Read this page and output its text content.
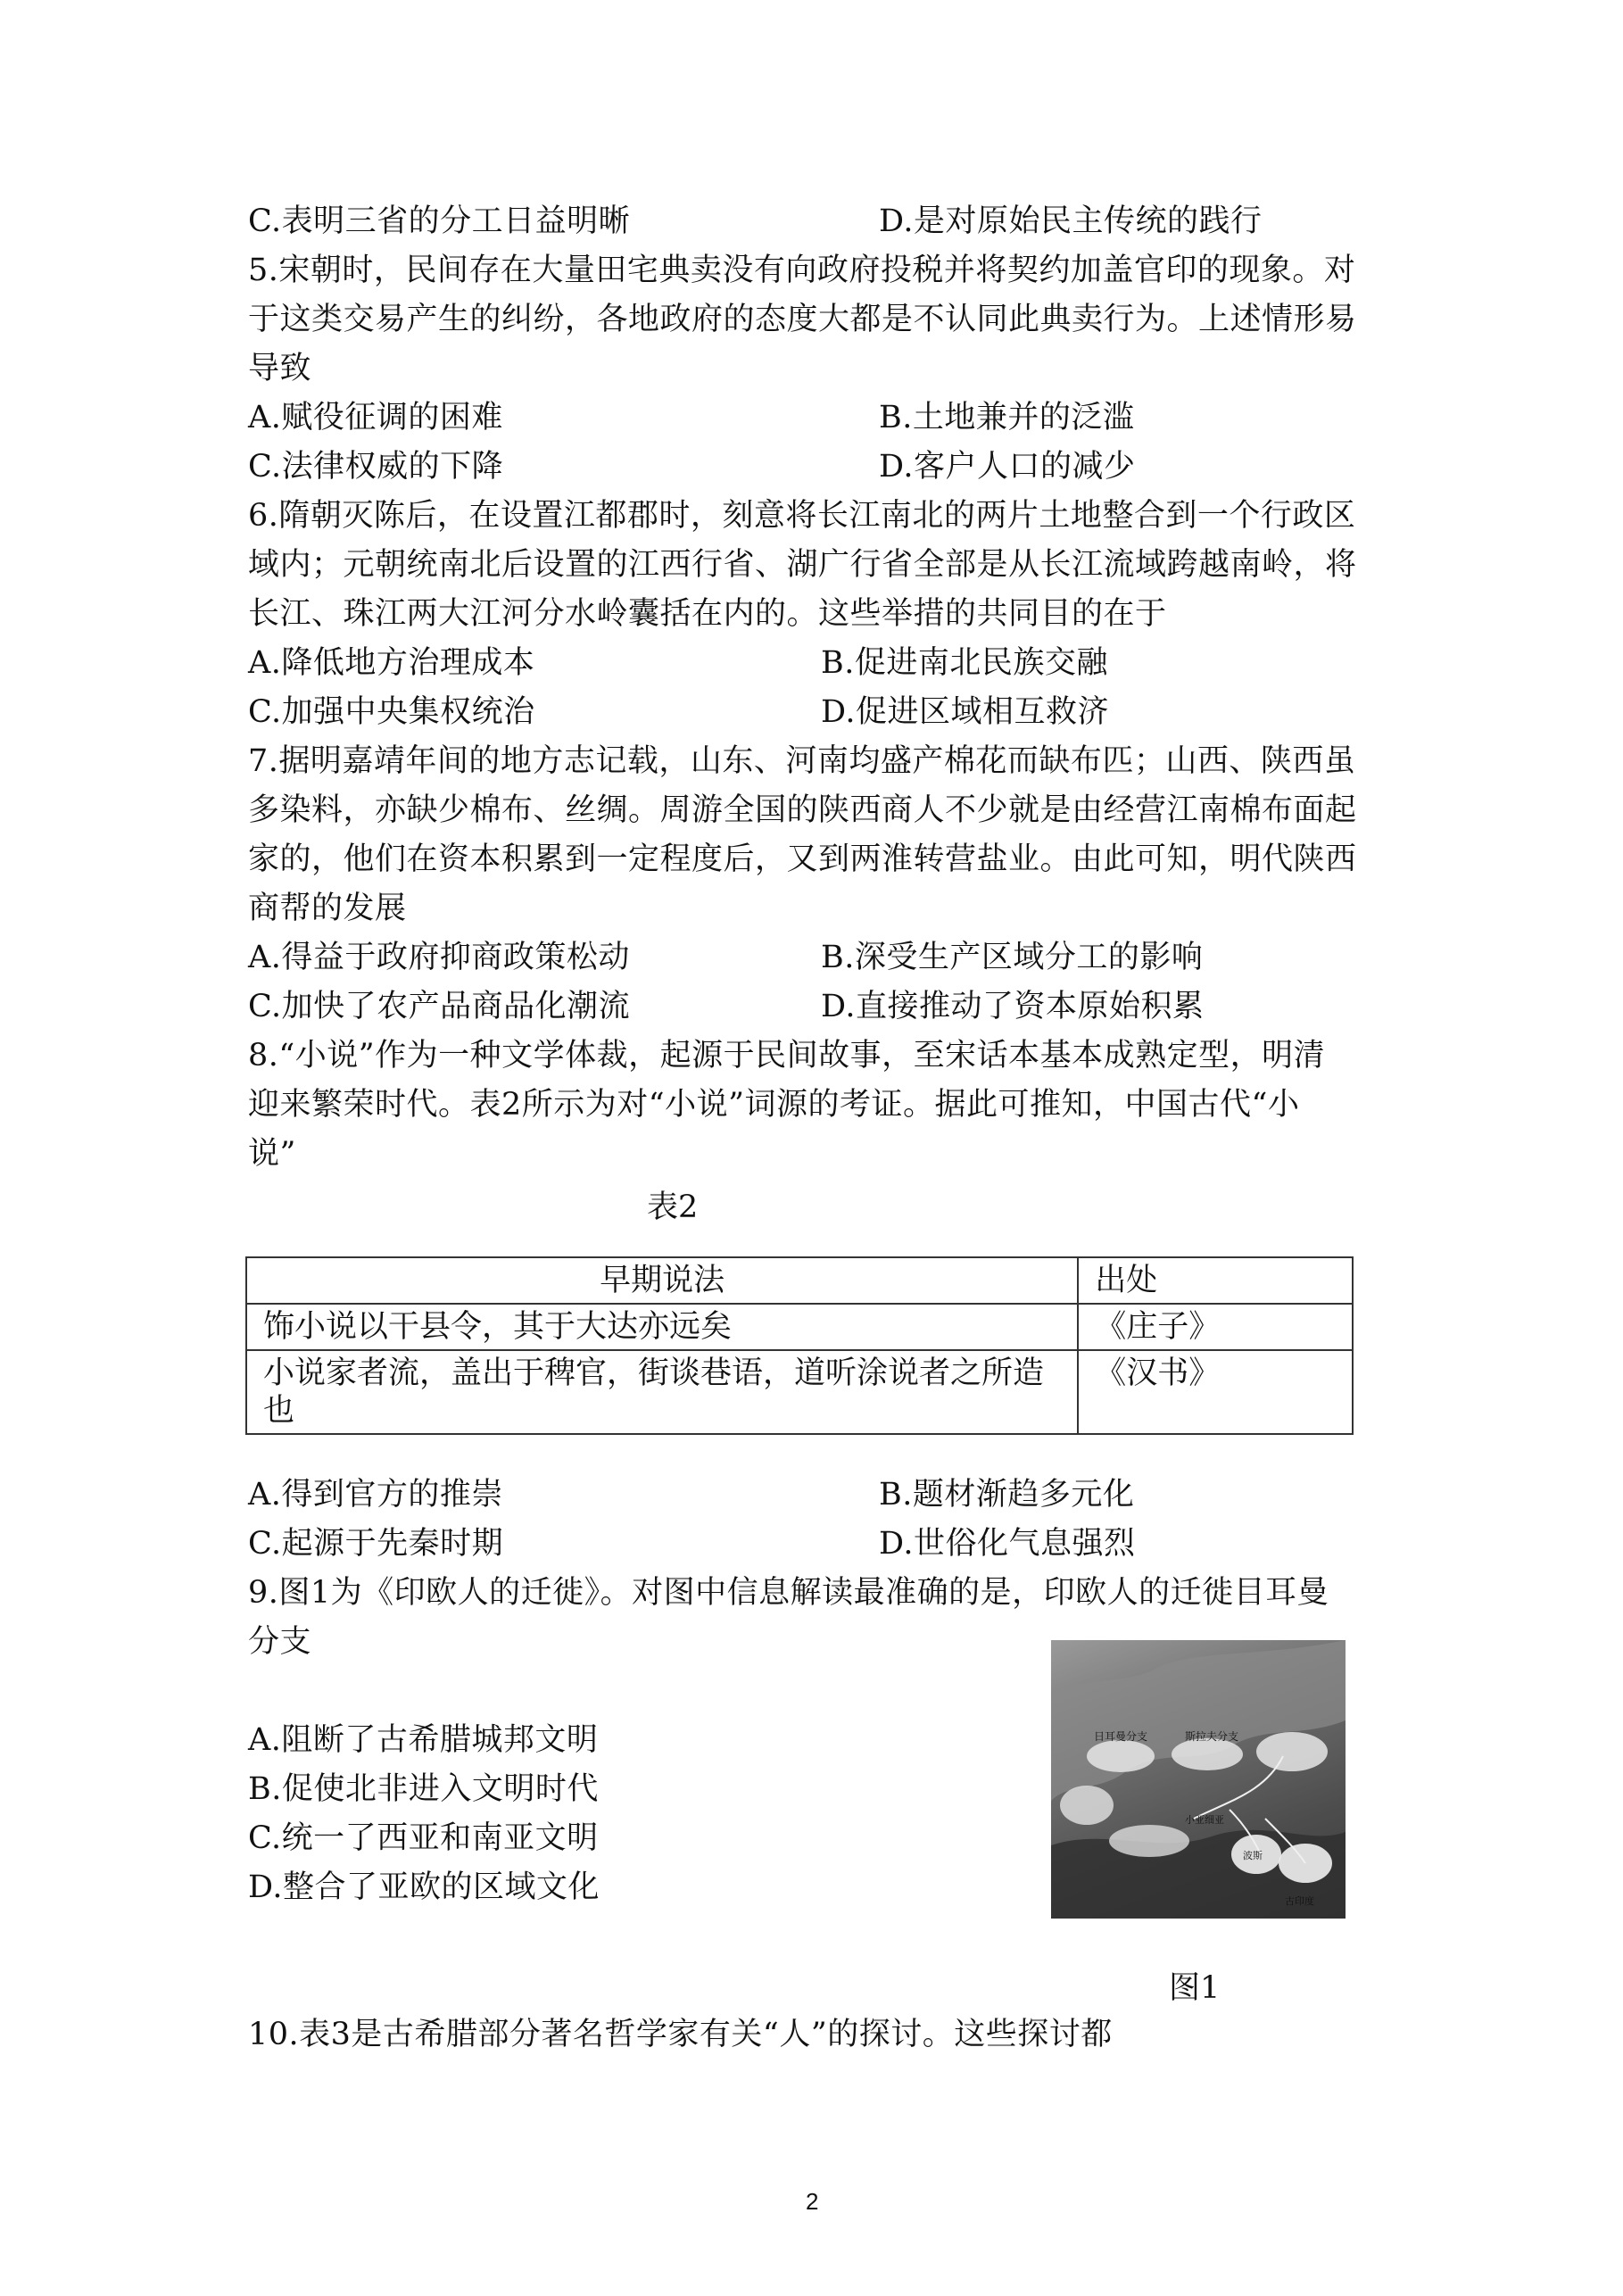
C.表明三省的分工日益明晰
5.宋朝时，民间存在大量田宅典卖没有向政府投税并将契约加盖官印的现象。对
于这类交易产生的纠纷，各地政府的态度大都是不认同此典卖行为。上述情形易
导致
A.赋役征调的困难
C.法律权威的下降
6.隋朝灭陈后，在设置江都郡时，刻意将长江南北的两片土地整合到一个行政区
域内；元朝统南北后设置的江西行省、湖广行省全部是从长江流域跨越南岭，将
长江、珠江两大江河分水岭囊括在内的。这些举措的共同目的在于
A.降低地方治理成本
C.加强中央集权统治
7.据明嘉靖年间的地方志记载，山东、河南均盛产棉花而缺布匹；山西、陕西虽
多染料，亦缺少棉布、丝绸。周游全国的陕西商人不少就是由经营江南棉布面起
家的，他们在资本积累到一定程度后，又到两淮转营盐业。由此可知，明代陕西
商帮的发展
A.得益于政府抑商政策松动
C.加快了农产品商品化潮流
8.“小说”作为一种文学体裁，起源于民间故事，至宋话本基本成熟定型，明清
迎来繁荣时代。表2所示为对“小说”词源的考证。据此可推知，中国古代“小
说”
A.得到官方的推崇
C.起源于先秦时期
9.图1为《印欧人的迁徙》。对图中信息解读最准确的是，印欧人的迁徙目耳曼
分支
A.阻断了古希腊城邦文明
B.促使北非进入文明时代
C.统一了西亚和南亚文明
D.整合了亚欧的区域文化
10.表3是古希腊部分著名哲学家有关“人”的探讨。这些探讨都
D.是对原始民主传统的践行
B.土地兼并的泛滥
D.客户人口的减少
B.促进南北民族交融
D.促进区域相互救济
B.深受生产区域分工的影响
D.直接推动了资本原始积累
B.题材渐趋多元化
D.世俗化气息强烈
表2
早期说法	出处
饰小说以干县令，其于大达亦远矣	《庄子》
小说家者流，盖出于稗官，街谈巷语，道听涂说者之所造也	《汉书》
日耳曼分支	斯拉夫分支
小亚细亚
波斯
古印度
图1
2
